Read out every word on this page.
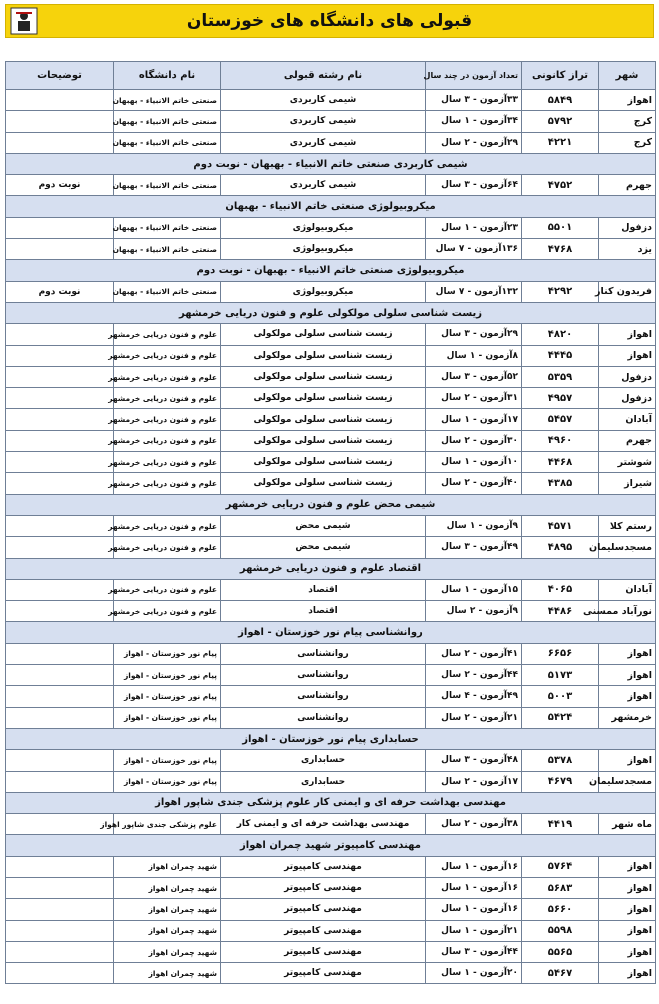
قبولی های دانشگاه های خوزستان
شهر	تراز کانونی	تعداد آزمون در چند سال	نام رشته قبولی	نام دانشگاه	توضیحات
اهواز	۵۸۴۹	۳۳آزمون - ۳ سال	شیمی کاربردی	صنعتی خاتم الانبیاء - بهبهان	
کرج	۵۷۹۲	۳۴آزمون - ۱ سال	شیمی کاربردی	صنعتی خاتم الانبیاء - بهبهان	
کرج	۴۲۲۱	۲۹آزمون - ۲ سال	شیمی کاربردی	صنعتی خاتم الانبیاء - بهبهان	
شیمی کاربردی صنعتی خاتم الانبیاء - بهبهان - نوبت دوم					
جهرم	۴۷۵۲	۶۴آزمون - ۳ سال	شیمی کاربردی	صنعتی خاتم الانبیاء - بهبهان	نوبت دوم
میکروبیولوژی صنعتی خاتم الانبیاء - بهبهان					
دزفول	۵۵۰۱	۲۳آزمون - ۱ سال	میکروبیولوژی	صنعتی خاتم الانبیاء - بهبهان	
یزد	۴۷۶۸	۱۳۶آزمون - ۷ سال	میکروبیولوژی	صنعتی خاتم الانبیاء - بهبهان	
میکروبیولوژی صنعتی خاتم الانبیاء - بهبهان - نوبت دوم					
فریدون کنار	۴۲۹۲	۱۳۲آزمون - ۷ سال	میکروبیولوژی	صنعتی خاتم الانبیاء - بهبهان	نوبت دوم
زیست شناسی سلولی مولکولی علوم و فنون دریایی خرمشهر					
اهواز	۴۸۲۰	۲۹آزمون - ۳ سال	زیست شناسی سلولی مولکولی	علوم و فنون دریایی خرمشهر	
اهواز	۴۴۴۵	۸آزمون - ۱ سال	زیست شناسی سلولی مولکولی	علوم و فنون دریایی خرمشهر	
دزفول	۵۳۵۹	۵۲آزمون - ۳ سال	زیست شناسی سلولی مولکولی	علوم و فنون دریایی خرمشهر	
دزفول	۴۹۵۷	۳۱آزمون - ۲ سال	زیست شناسی سلولی مولکولی	علوم و فنون دریایی خرمشهر	
آبادان	۵۴۵۷	۱۷آزمون - ۱ سال	زیست شناسی سلولی مولکولی	علوم و فنون دریایی خرمشهر	
جهرم	۴۹۶۰	۳۰آزمون - ۲ سال	زیست شناسی سلولی مولکولی	علوم و فنون دریایی خرمشهر	
شوشتر	۴۴۶۸	۱۰آزمون - ۱ سال	زیست شناسی سلولی مولکولی	علوم و فنون دریایی خرمشهر	
شیراز	۴۳۸۵	۴۰آزمون - ۲ سال	زیست شناسی سلولی مولکولی	علوم و فنون دریایی خرمشهر	
شیمی محض علوم و فنون دریایی خرمشهر					
رستم کلا	۴۵۷۱	۹آزمون - ۱ سال	شیمی محض	علوم و فنون دریایی خرمشهر	
مسجدسلیمان	۴۸۹۵	۴۹آزمون - ۳ سال	شیمی محض	علوم و فنون دریایی خرمشهر	
اقتصاد علوم و فنون دریایی خرمشهر					
آبادان	۴۰۶۵	۱۵آزمون - ۱ سال	اقتصاد	علوم و فنون دریایی خرمشهر	
نورآباد ممسنی	۴۴۸۶	۹آزمون - ۲ سال	اقتصاد	علوم و فنون دریایی خرمشهر	
روانشناسی پیام نور خوزستان - اهواز					
اهواز	۶۶۵۶	۴۱آزمون - ۲ سال	روانشناسی	پیام نور خوزستان - اهواز	
اهواز	۵۱۷۳	۴۴آزمون - ۲ سال	روانشناسی	پیام نور خوزستان - اهواز	
اهواز	۵۰۰۳	۴۹آزمون - ۴ سال	روانشناسی	پیام نور خوزستان - اهواز	
خرمشهر	۵۴۲۴	۲۱آزمون - ۲ سال	روانشناسی	پیام نور خوزستان - اهواز	
حسابداری پیام نور خوزستان - اهواز					
اهواز	۵۳۷۸	۴۸آزمون - ۳ سال	حسابداری	پیام نور خوزستان - اهواز	
مسجدسلیمان	۴۶۷۹	۱۷آزمون - ۲ سال	حسابداری	پیام نور خوزستان - اهواز	
مهندسی بهداشت حرفه ای و ایمنی کار علوم پزشکی جندی شاپور اهواز					
ماه شهر	۴۴۱۹	۳۸آزمون - ۲ سال	مهندسی بهداشت حرفه ای و ایمنی کار	علوم پزشکی جندی شاپور اهواز	
مهندسی کامپیوتر شهید چمران اهواز					
اهواز	۵۷۶۴	۱۶آزمون - ۱ سال	مهندسی کامپیوتر	شهید چمران اهواز	
اهواز	۵۶۸۳	۱۶آزمون - ۱ سال	مهندسی کامپیوتر	شهید چمران اهواز	
اهواز	۵۶۶۰	۱۶آزمون - ۱ سال	مهندسی کامپیوتر	شهید چمران اهواز	
اهواز	۵۵۹۸	۲۱آزمون - ۱ سال	مهندسی کامپیوتر	شهید چمران اهواز	
اهواز	۵۵۶۵	۴۴آزمون - ۳ سال	مهندسی کامپیوتر	شهید چمران اهواز	
اهواز	۵۴۶۷	۲۰آزمون - ۱ سال	مهندسی کامپیوتر	شهید چمران اهواز	
